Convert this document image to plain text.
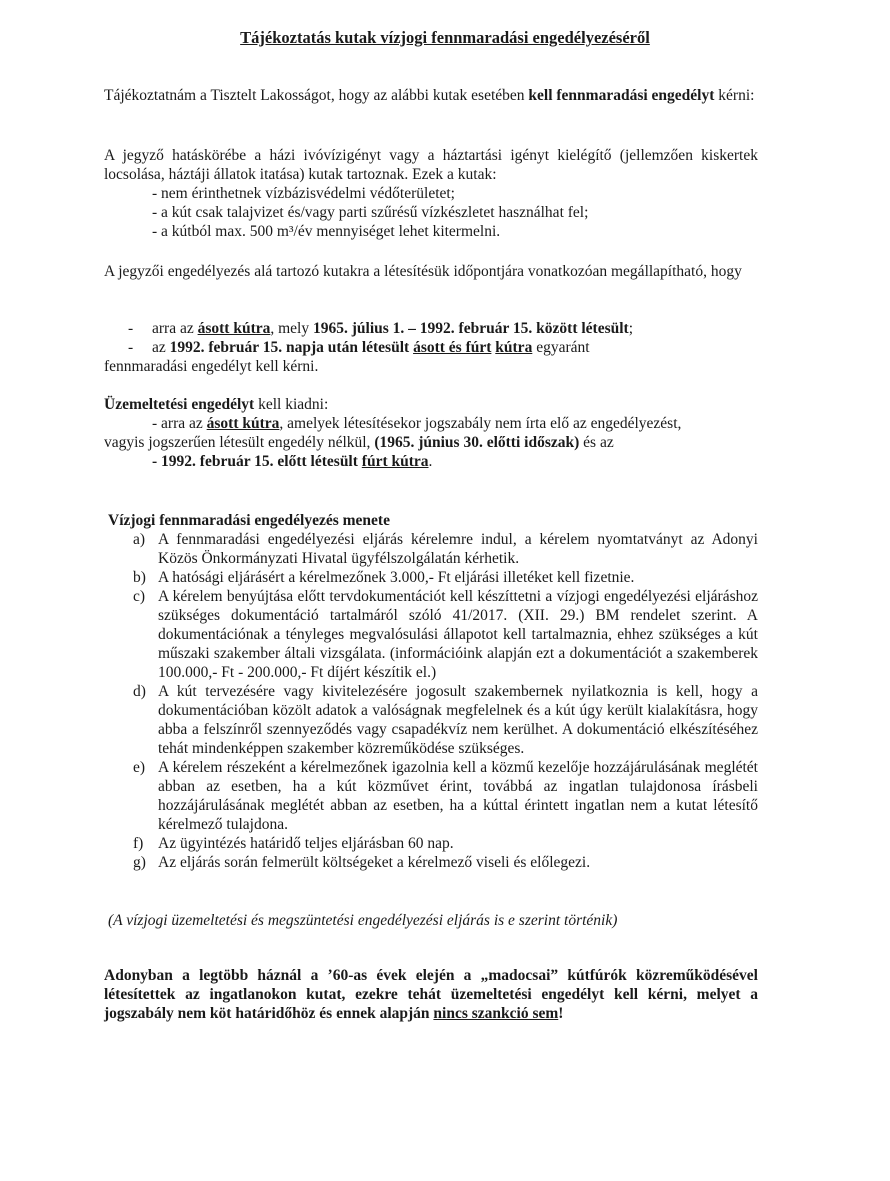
Tájékoztatás kutak vízjogi fennmaradási engedélyezéséről
Tájékoztatnám a Tisztelt Lakosságot, hogy az alábbi kutak esetében kell fennmaradási engedélyt kérni:
A jegyző hatáskörébe a házi ivóvízigényt vagy a háztartási igényt kielégítő (jellemzően kiskertek locsolása, háztáji állatok itatása) kutak tartoznak. Ezek a kutak:
- nem érinthetnek vízbázisvédelmi védőterületet;
- a kút csak talajvizet és/vagy parti szűrésű vízkészletet használhat fel;
- a kútból max. 500 m³/év mennyiséget lehet kitermelni.
A jegyzői engedélyezés alá tartozó kutakra a létesítésük időpontjára vonatkozóan megállapítható, hogy
- arra az ásott kútra, mely 1965. július 1. – 1992. február 15. között létesült;
- az 1992. február 15. napja után létesült ásott és fúrt kútra egyaránt
fennmaradási engedélyt kell kérni.
Üzemeltetési engedélyt kell kiadni:
- arra az ásott kútra, amelyek létesítésekor jogszabály nem írta elő az engedélyezést,
vagyis jogszerűen létesült engedély nélkül, (1965. június 30. előtti időszak) és az
- 1992. február 15. előtt létesült fúrt kútra.
Vízjogi fennmaradási engedélyezés menete
a) A fennmaradási engedélyezési eljárás kérelemre indul, a kérelem nyomtatványt az Adonyi Közös Önkormányzati Hivatal ügyfélszolgálatán kérhetik.
b) A hatósági eljárásért a kérelmezőnek 3.000,- Ft eljárási illetéket kell fizetnie.
c) A kérelem benyújtása előtt tervdokumentációt kell készíttetni a vízjogi engedélyezési eljáráshoz szükséges dokumentáció tartalmáról szóló 41/2017. (XII. 29.) BM rendelet szerint. A dokumentációnak a tényleges megvalósulási állapotot kell tartalmaznia, ehhez szükséges a kút műszaki szakember általi vizsgálata. (információink alapján ezt a dokumentációt a szakemberek 100.000,- Ft - 200.000,- Ft díjért készítik el.)
d) A kút tervezésére vagy kivitelezésére jogosult szakembernek nyilatkoznia is kell, hogy a dokumentációban közölt adatok a valóságnak megfelelnek és a kút úgy került kialakításra, hogy abba a felszínről szennyeződés vagy csapadékvíz nem kerülhet. A dokumentáció elkészítéséhez tehát mindenképpen szakember közreműködése szükséges.
e) A kérelem részeként a kérelmezőnek igazolnia kell a közmű kezelője hozzájárulásának meglétét abban az esetben, ha a kút közművet érint, továbbá az ingatlan tulajdonosa írásbeli hozzájárulásának meglétét abban az esetben, ha a kúttal érintett ingatlan nem a kutat létesítő kérelmező tulajdona.
f) Az ügyintézés határidő teljes eljárásban 60 nap.
g) Az eljárás során felmerült költségeket a kérelmező viseli és előlegezi.
(A vízjogi üzemeltetési és megszüntetési engedélyezési eljárás is e szerint történik)
Adonyban a legtöbb háznál a ’60-as évek elején a „madocsai” kútfúrók közreműködésével létesítettek az ingatlanokon kutat, ezekre tehát üzemeltetési engedélyt kell kérni, melyet a jogszabály nem köt határidőhöz és ennek alapján nincs szankció sem!
